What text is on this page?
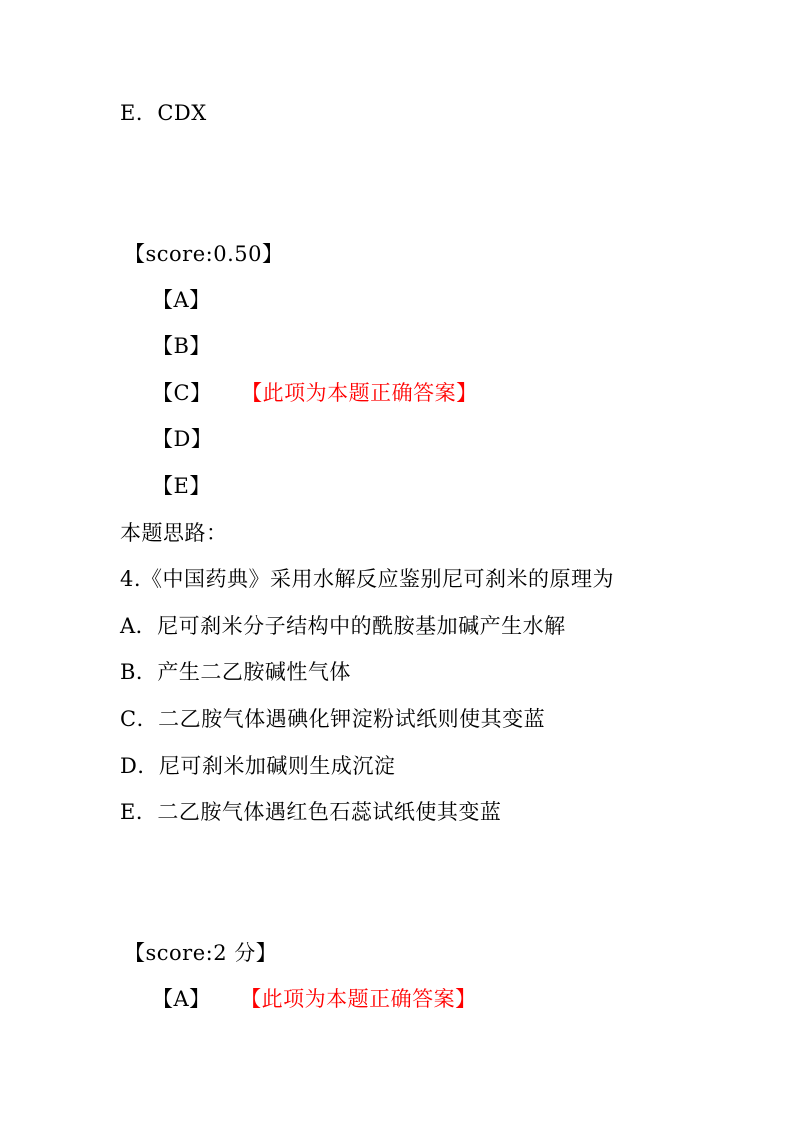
E．CDX
【score:0.50】
【A】
【B】
【C】 【此项为本题正确答案】
【D】
【E】
本题思路：
4.《中国药典》采用水解反应鉴别尼可刹米的原理为
A．尼可刹米分子结构中的酰胺基加碱产生水解
B．产生二乙胺碱性气体
C．二乙胺气体遇碘化钾淀粉试纸则使其变蓝
D．尼可刹米加碱则生成沉淀
E．二乙胺气体遇红色石蕊试纸使其变蓝
【score:2 分】
【A】 【此项为本题正确答案】
